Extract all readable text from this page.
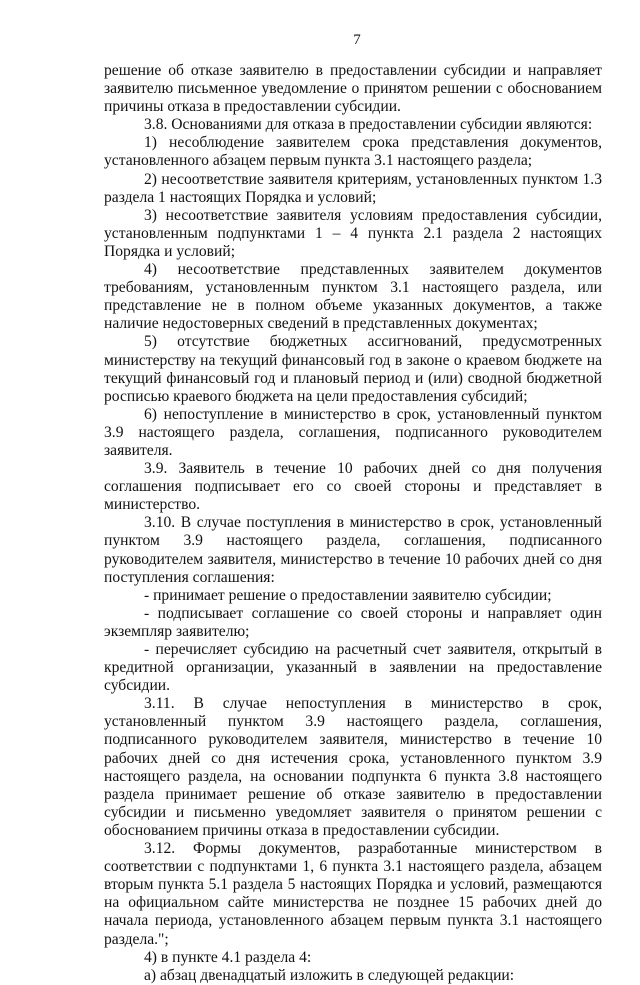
7

решение об отказе заявителю в предоставлении субсидии и направляет заявителю письменное уведомление о принятом решении с обоснованием причины отказа в предоставлении субсидии.

3.8. Основаниями для отказа в предоставлении субсидии являются:

1) несоблюдение заявителем срока представления документов, установленного абзацем первым пункта 3.1 настоящего раздела;

2) несоответствие заявителя критериям, установленных пунктом 1.3 раздела 1 настоящих Порядка и условий;

3) несоответствие заявителя условиям предоставления субсидии, установленным подпунктами 1 – 4 пункта 2.1 раздела 2 настоящих Порядка и условий;

4) несоответствие представленных заявителем документов требованиям, установленным пунктом 3.1 настоящего раздела, или представление не в полном объеме указанных документов, а также наличие недостоверных сведений в представленных документах;

5) отсутствие бюджетных ассигнований, предусмотренных министерству на текущий финансовый год в законе о краевом бюджете на текущий финансовый год и плановый период и (или) сводной бюджетной росписью краевого бюджета на цели предоставления субсидий;

6) непоступление в министерство в срок, установленный пунктом 3.9 настоящего раздела, соглашения, подписанного руководителем заявителя.

3.9. Заявитель в течение 10 рабочих дней со дня получения соглашения подписывает его со своей стороны и представляет в министерство.

3.10. В случае поступления в министерство в срок, установленный пунктом 3.9 настоящего раздела, соглашения, подписанного руководителем заявителя, министерство в течение 10 рабочих дней со дня поступления соглашения:

- принимает решение о предоставлении заявителю субсидии;

- подписывает соглашение со своей стороны и направляет один экземпляр заявителю;

- перечисляет субсидию на расчетный счет заявителя, открытый в кредитной организации, указанный в заявлении на предоставление субсидии.

3.11. В случае непоступления в министерство в срок, установленный пунктом 3.9 настоящего раздела, соглашения, подписанного руководителем заявителя, министерство в течение 10 рабочих дней со дня истечения срока, установленного пунктом 3.9 настоящего раздела, на основании подпункта 6 пункта 3.8 настоящего раздела принимает решение об отказе заявителю в предоставлении субсидии и письменно уведомляет заявителя о принятом решении с обоснованием причины отказа в предоставлении субсидии.

3.12. Формы документов, разработанные министерством в соответствии с подпунктами 1, 6 пункта 3.1 настоящего раздела, абзацем вторым пункта 5.1 раздела 5 настоящих Порядка и условий, размещаются на официальном сайте министерства не позднее 15 рабочих дней до начала периода, установленного абзацем первым пункта 3.1 настоящего раздела.";

4) в пункте 4.1 раздела 4:

а) абзац двенадцатый изложить в следующей редакции:
